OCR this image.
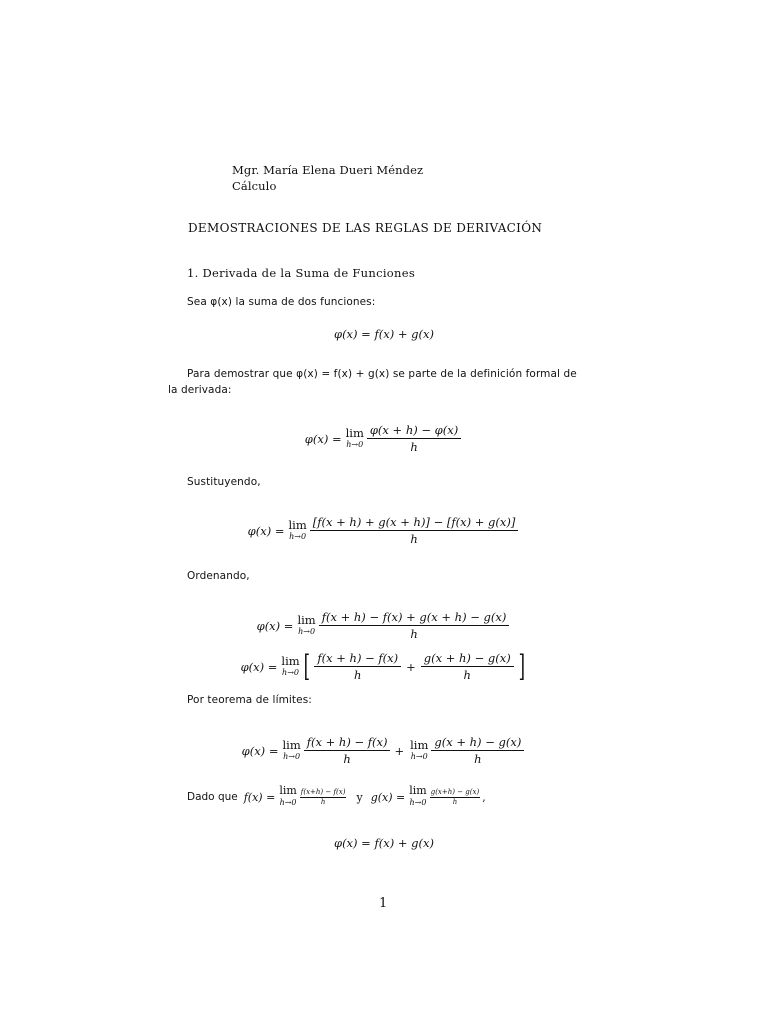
Mgr. María Elena Dueri Méndez
Cálculo
DEMOSTRACIONES DE LAS REGLAS DE DERIVACIÓN
1. Derivada de la Suma de Funciones
Sea φ(x) la suma de dos funciones:
φ(x) = f(x) + g(x)
Para demostrar que φ(x) = f(x) + g(x) se parte de la definición formal de
la derivada:
φ(x) = lim
$h\to 0 \frac{\varphi(x + h) - \varphi(x)}{h}$
Sustituyendo,
φ(x) = lim
$h\to 0 \frac{[f(x + h) + g(x + h)] - [f(x) + g(x)]}{h}$
Ordenando,
φ(x) = lim
$h\to 0 \frac{f(x + h) - f(x) + g(x + h) - g(x)}{h}$
φ(x) = lim
h→0 [ $\frac{f(x + h) - f(x)}{h} + \frac{g(x + h) - g(x)}{h}$ ]
Por teorema de límites:
φ(x) = lim
$h\to 0 \frac{f(x + h) - f(x)}{h} + \lim$
$h\to 0 \frac{g(x + h) - g(x)}{h}$
Dado que f(x) = lim
$h\to 0 \frac{f(x+h) - f(x)}{h}$ y g(x) = lim
$h\to 0 \frac{g(x+h) - g(x)}{h}$ ,
φ(x) = f(x) + g(x)
1
